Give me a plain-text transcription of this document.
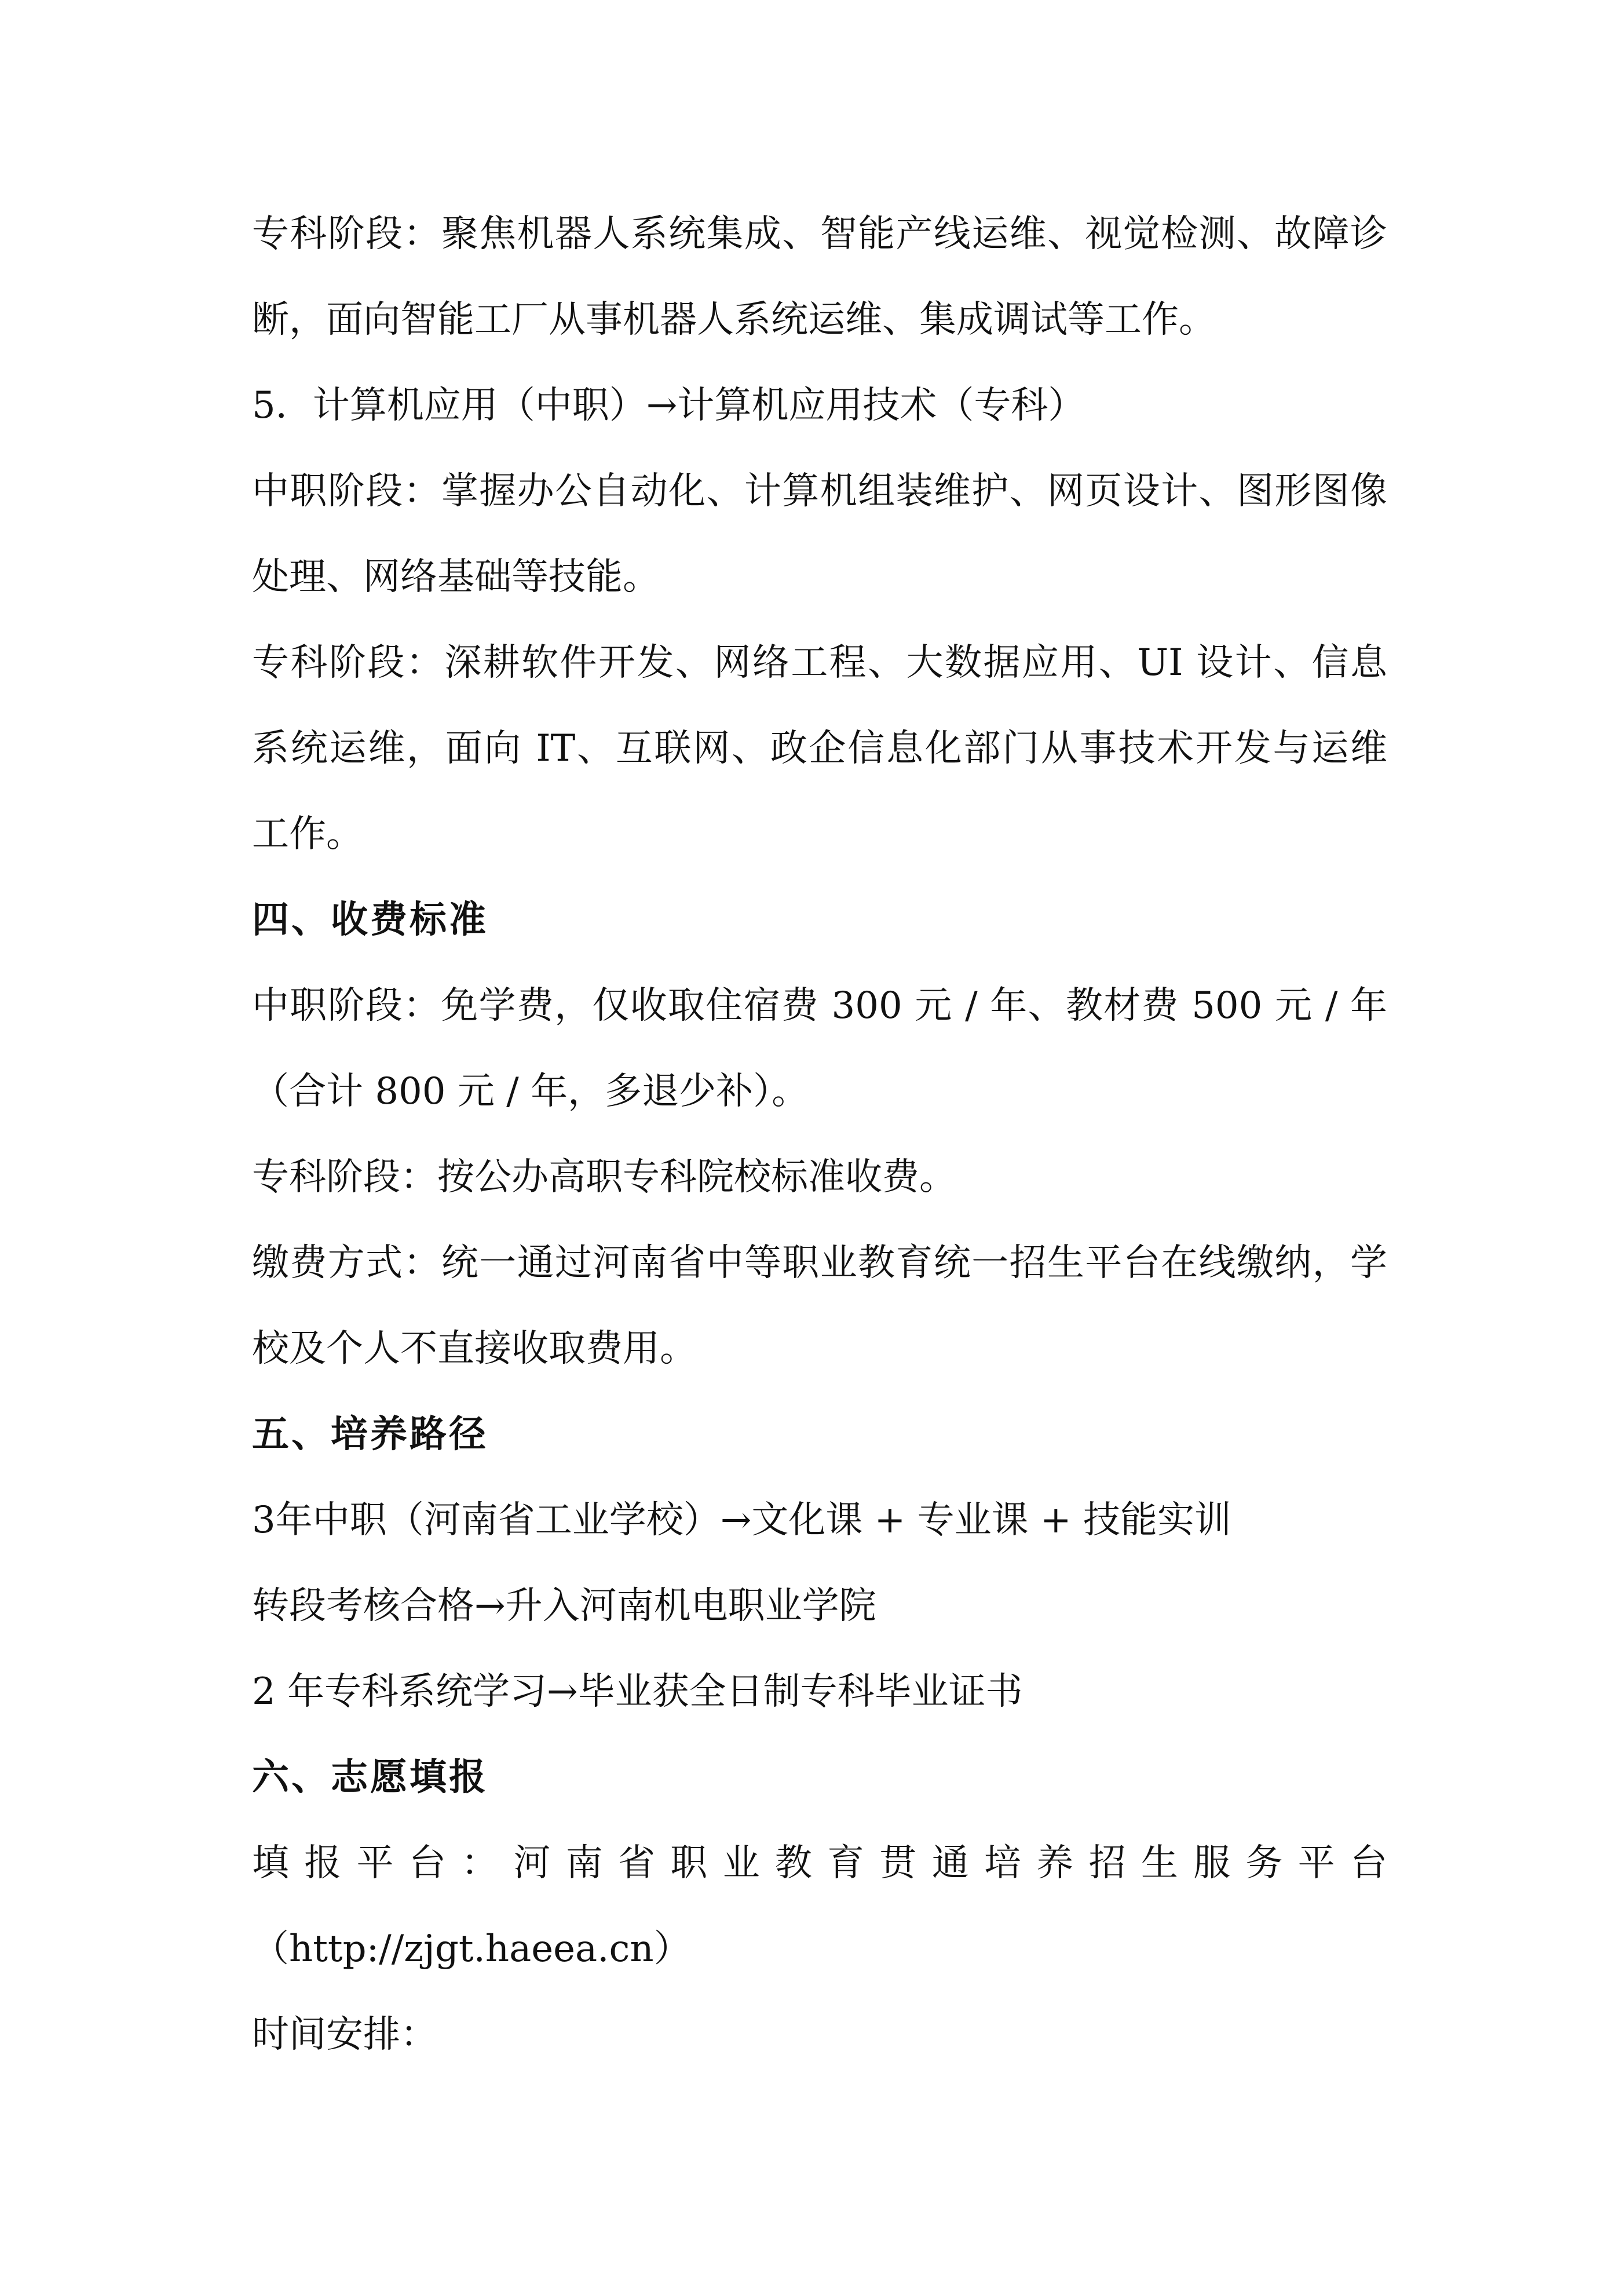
专科阶段：聚焦机器人系统集成、智能产线运维、视觉检测、故障诊
断，面向智能工厂从事机器人系统运维、集成调试等工作。
5．计算机应用（中职）→计算机应用技术（专科）
中职阶段：掌握办公自动化、计算机组装维护、网页设计、图形图像
处理、网络基础等技能。
专科阶段：深耕软件开发、网络工程、大数据应用、UI 设计、信息
系统运维，面向 IT、互联网、政企信息化部门从事技术开发与运维
工作。
四、收费标准
中职阶段：免学费，仅收取住宿费 300 元 / 年、教材费 500 元 / 年
（合计 800 元 / 年，多退少补）。
专科阶段：按公办高职专科院校标准收费。
缴费方式：统一通过河南省中等职业教育统一招生平台在线缴纳，学
校及个人不直接收取费用。
五、培养路径
3年中职（河南省工业学校）→文化课 + 专业课 + 技能实训
转段考核合格→升入河南机电职业学院
2 年专科系统学习→毕业获全日制专科毕业证书
六、志愿填报
填报平台：河南省职业教育贯通培养招生服务平台
（http://zjgt.haeea.cn）
时间安排：
